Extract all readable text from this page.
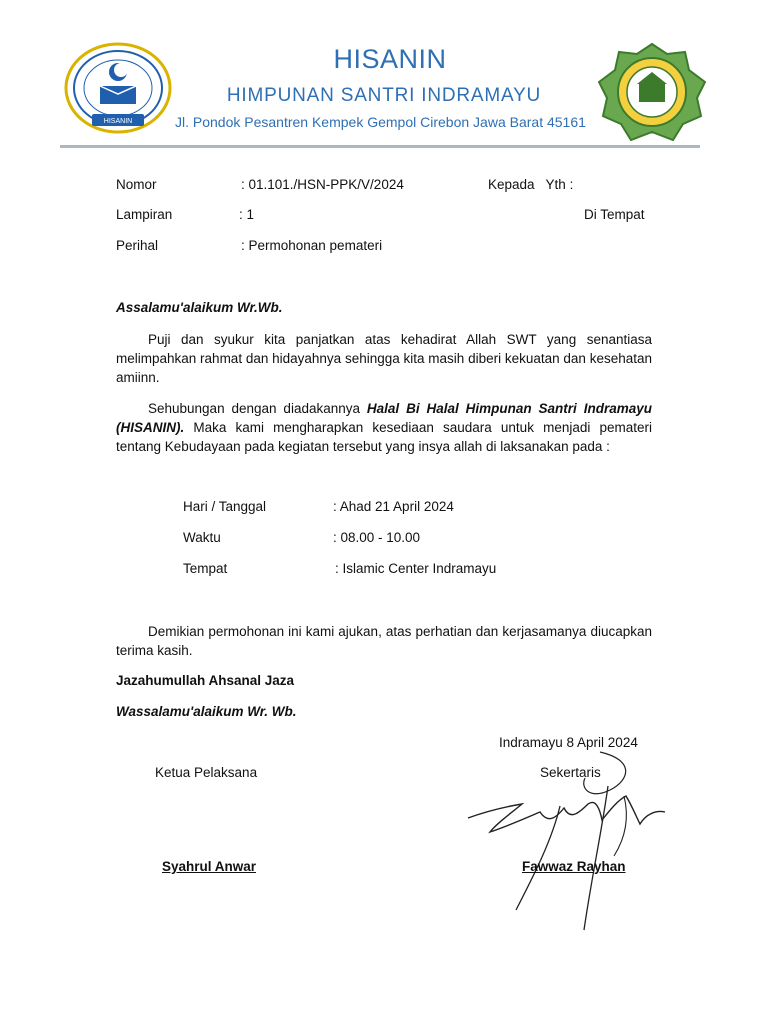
HISANIN
HISANIN
HIMPUNAN SANTRI INDRAMAYU
Jl. Pondok Pesantren Kempek Gempol Cirebon Jawa Barat 45161
Nomor	: 01.101./HSN-PPK/V/2024	Kepada   Yth :
Lampiran	: 1	Di Tempat
Perihal	: Permohonan pemateri
Assalamu'alaikum Wr.Wb.
Puji dan syukur kita panjatkan atas kehadirat Allah SWT yang senantiasa melimpahkan rahmat dan hidayahnya sehingga kita masih diberi kekuatan dan kesehatan amiinn.
Sehubungan dengan diadakannya Halal Bi Halal Himpunan Santri Indramayu (HISANIN). Maka kami mengharapkan kesediaan saudara untuk menjadi pemateri tentang Kebudayaan pada kegiatan tersebut yang insya allah di laksanakan pada :
Hari / Tanggal	: Ahad 21 April 2024
Waktu	: 08.00 - 10.00
Tempat	: Islamic Center Indramayu
Demikian permohonan ini kami ajukan, atas perhatian dan kerjasamanya diucapkan terima kasih.
Jazahumullah Ahsanal Jaza
Wassalamu'alaikum Wr. Wb.
Indramayu 8 April 2024
Ketua Pelaksana	Sekertaris
Syahrul Anwar	Fawwaz Rayhan
